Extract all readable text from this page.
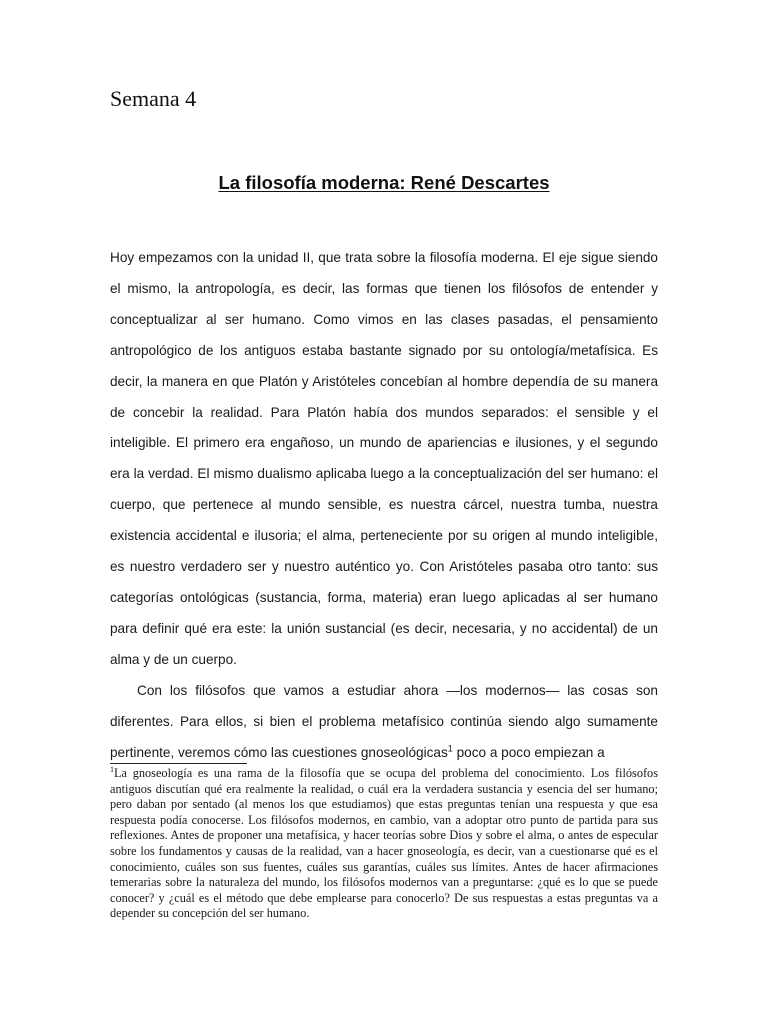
Semana 4
La filosofía moderna: René Descartes

Hoy empezamos con la unidad II, que trata sobre la filosofía moderna. El eje sigue siendo el mismo, la antropología, es decir, las formas que tienen los filósofos de entender y conceptualizar al ser humano. Como vimos en las clases pasadas, el pensamiento antropológico de los antiguos estaba bastante signado por su ontología/metafísica. Es decir, la manera en que Platón y Aristóteles concebían al hombre dependía de su manera de concebir la realidad. Para Platón había dos mundos separados: el sensible y el inteligible. El primero era engañoso, un mundo de apariencias e ilusiones, y el segundo era la verdad. El mismo dualismo aplicaba luego a la conceptualización del ser humano: el cuerpo, que pertenece al mundo sensible, es nuestra cárcel, nuestra tumba, nuestra existencia accidental e ilusoria; el alma, perteneciente por su origen al mundo inteligible, es nuestro verdadero ser y nuestro auténtico yo. Con Aristóteles pasaba otro tanto: sus categorías ontológicas (sustancia, forma, materia) eran luego aplicadas al ser humano para definir qué era este: la unión sustancial (es decir, necesaria, y no accidental) de un alma y de un cuerpo.

Con los filósofos que vamos a estudiar ahora —los modernos— las cosas son diferentes. Para ellos, si bien el problema metafísico continúa siendo algo sumamente pertinente, veremos cómo las cuestiones gnoseológicas$^1$ poco a poco empiezan a

$^1$La gnoseología es una rama de la filosofía que se ocupa del problema del conocimiento. Los filósofos antiguos discutían qué era realmente la realidad, o cuál era la verdadera sustancia y esencia del ser humano; pero daban por sentado (al menos los que estudiamos) que estas preguntas tenían una respuesta y que esa respuesta podía conocerse. Los filósofos modernos, en cambio, van a adoptar otro punto de partida para sus reflexiones. Antes de proponer una metafísica, y hacer teorías sobre Dios y sobre el alma, o antes de especular sobre los fundamentos y causas de la realidad, van a hacer gnoseología, es decir, van a cuestionarse qué es el conocimiento, cuáles son sus fuentes, cuáles sus garantías, cuáles sus límites. Antes de hacer afirmaciones temerarias sobre la naturaleza del mundo, los filósofos modernos van a preguntarse: ¿qué es lo que se puede conocer? y ¿cuál es el método que debe emplearse para conocerlo? De sus respuestas a estas preguntas va a depender su concepción del ser humano.
